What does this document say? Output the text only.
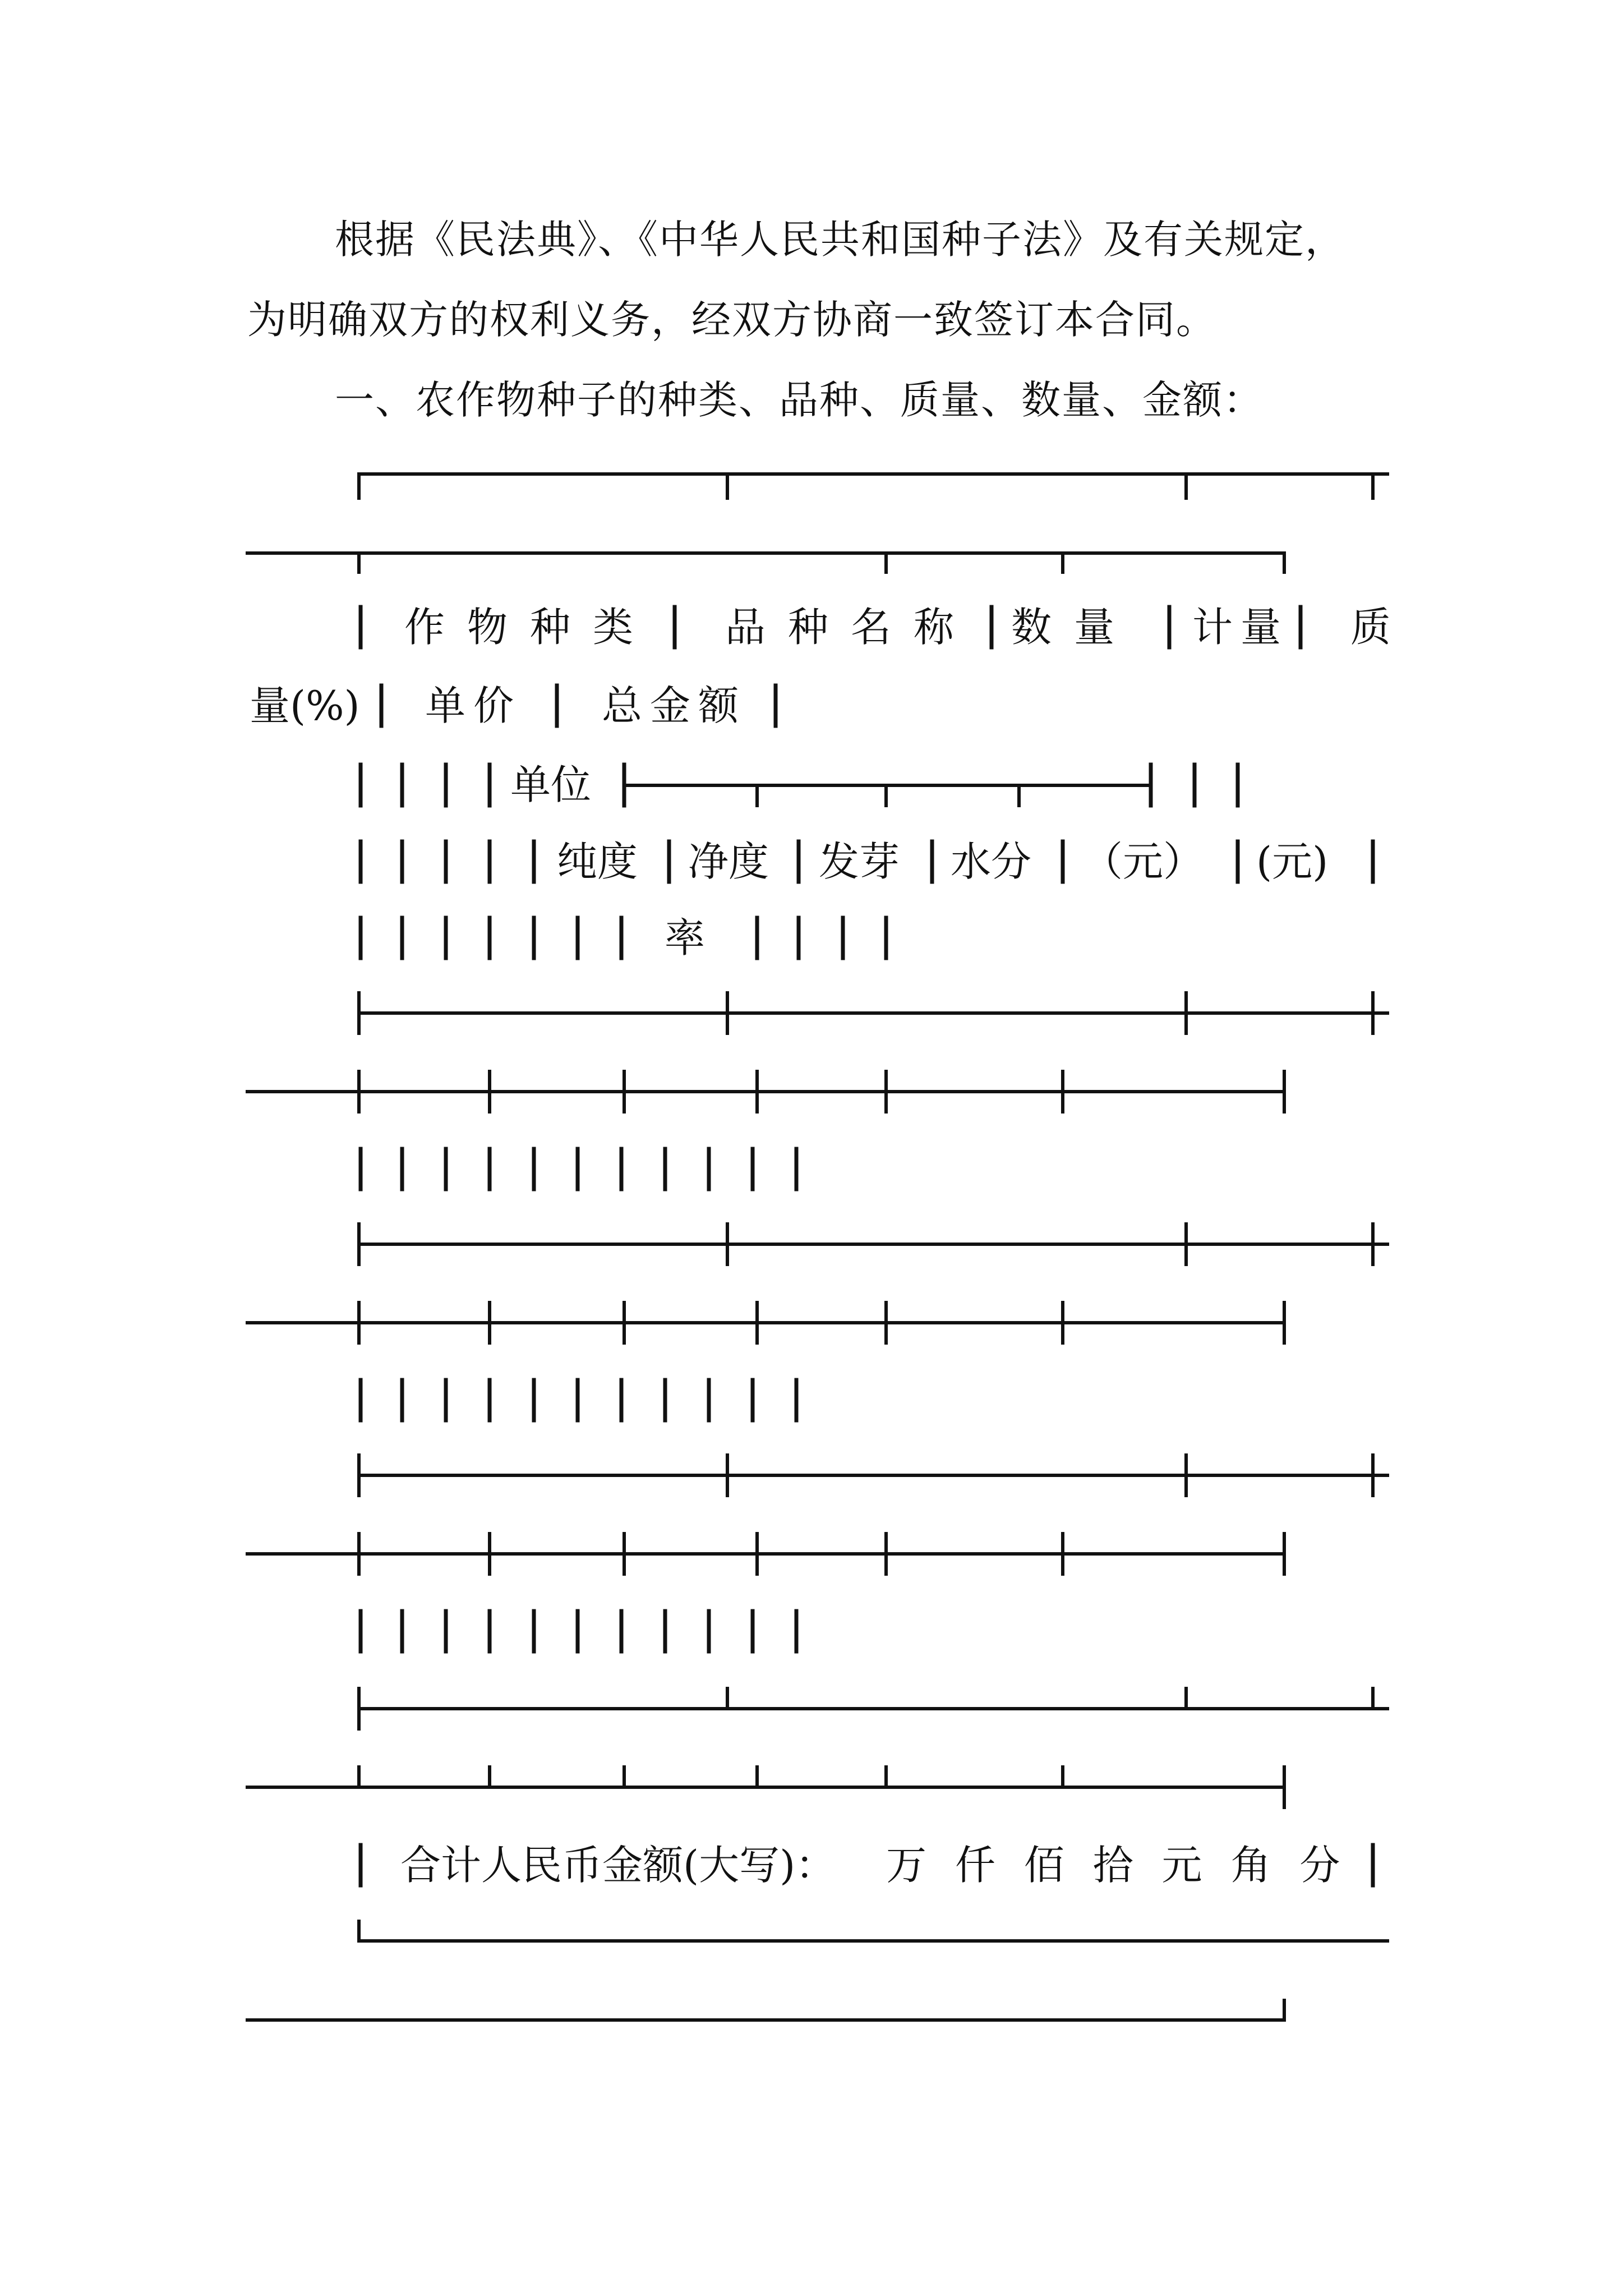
根据《民法典》、《中华人民共和国种子法》及有关规定，
为明确双方的权利义务，经双方协商一致签订本合同。
一、农作物种子的种类、品种、质量、数量、金额：
作物种类 品种名称 数量 计量 质
量(%) 单价 总金额
单位
纯度 净度 发芽 水分 （元） (元)
率
合计人民币金额(大写)： 万 仟 佰 拾 元 角 分
